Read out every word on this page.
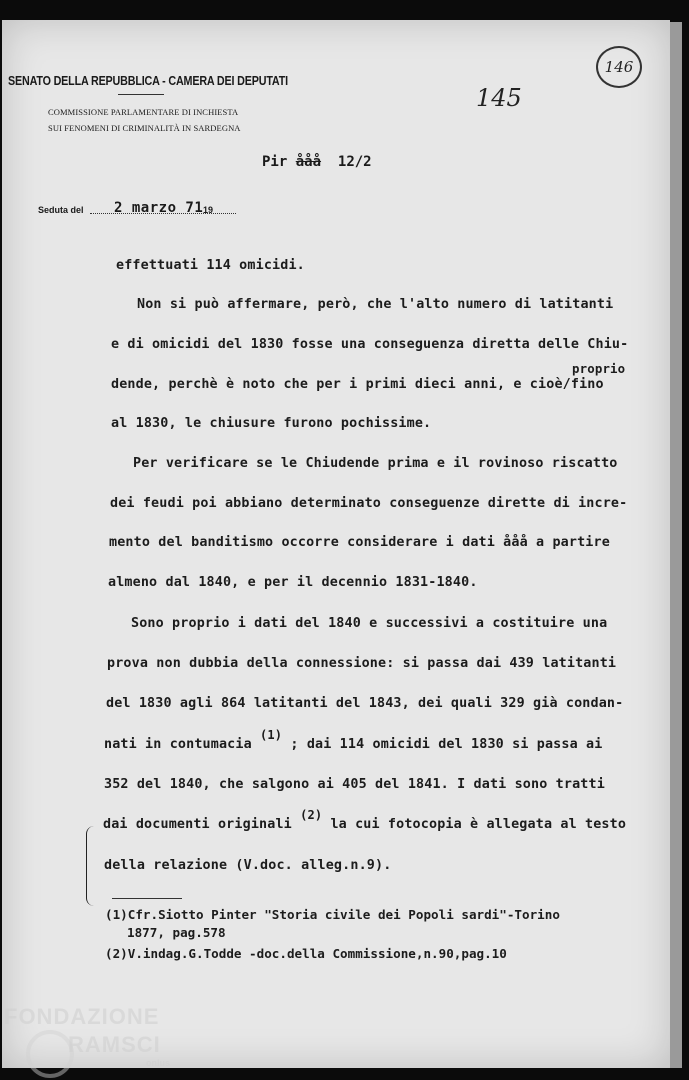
SENATO DELLA REPUBBLICA - CAMERA DEI DEPUTATI
COMMISSIONE PARLAMENTARE DI INCHIESTA
SUI FENOMENI DI CRIMINALITÀ IN SARDEGNA
145
146
Pir ååå 12/2
Seduta del 2 marzo 71 19
effettuati 114 omicidi.
Non si può affermare, però, che l'alto numero di latitanti
e di omicidi del 1830 fosse una conseguenza diretta delle Chiu-
proprio
dende, perchè è noto che per i primi dieci anni, e cioè/fino
al 1830, le chiusure furono pochissime.
Per verificare se le Chiudende prima e il rovinoso riscatto
dei feudi poi abbiano determinato conseguenze dirette di incre-
mento del banditismo occorre considerare i dati ååå a partire
almeno dal 1840, e per il decennio 1831-1840.
Sono proprio i dati del 1840 e successivi a costituire una
prova non dubbia della connessione: si passa dai 439 latitanti
del 1830 agli 864 latitanti del 1843, dei quali 329 già condan-
nati in contumacia (1) ; dai 114 omicidi del 1830 si passa ai
352 del 1840, che salgono ai 405 del 1841. I dati sono tratti
dai documenti originali (2) la cui fotocopia è allegata al testo
della relazione (V.doc. alleg.n.9).
(1)Cfr.Siotto Pinter "Storia civile dei Popoli sardi"-Torino
1877, pag.578
(2)V.indag.G.Todde -doc.della Commissione,n.90,pag.10
FONDAZIONE
RAMSCI
onlus
